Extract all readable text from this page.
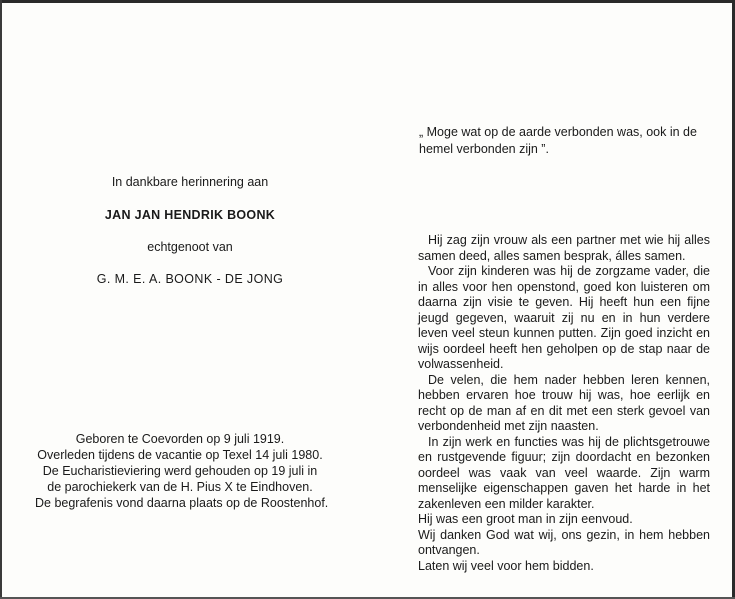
In dankbare herinnering aan
JAN JAN HENDRIK BOONK
echtgenoot van
G. M. E. A. BOONK - DE JONG
Geboren te Coevorden op 9 juli 1919.
Overleden tijdens de vacantie op Texel 14 juli 1980.
De Eucharistieviering werd gehouden op 19 juli in
de parochiekerk van de H. Pius X te Eindhoven.
De begrafenis vond daarna plaats op de Roostenhof.
„ Moge wat op de aarde verbonden was, ook in de
hemel verbonden zijn ”.

Hij zag zijn vrouw als een partner met wie hij alles samen deed, alles samen besprak, álles samen.

Voor zijn kinderen was hij de zorgzame vader, die in alles voor hen openstond, goed kon luisteren om daarna zijn visie te geven. Hij heeft hun een fijne jeugd gegeven, waaruit zij nu en in hun verdere leven veel steun kunnen putten. Zijn goed inzicht en wijs oordeel heeft hen geholpen op de stap naar de volwassenheid.

De velen, die hem nader hebben leren kennen, hebben ervaren hoe trouw hij was, hoe eerlijk en recht op de man af en dit met een sterk gevoel van verbondenheid met zijn naasten.

In zijn werk en functies was hij de plichtsgetrouwe en rustgevende figuur; zijn doordacht en bezonken oordeel was vaak van veel waarde. Zijn warm menselijke eigenschappen gaven het harde in het zakenleven een milder karakter.

Hij was een groot man in zijn eenvoud.

Wij danken God wat wij, ons gezin, in hem hebben ontvangen.

Laten wij veel voor hem bidden.
